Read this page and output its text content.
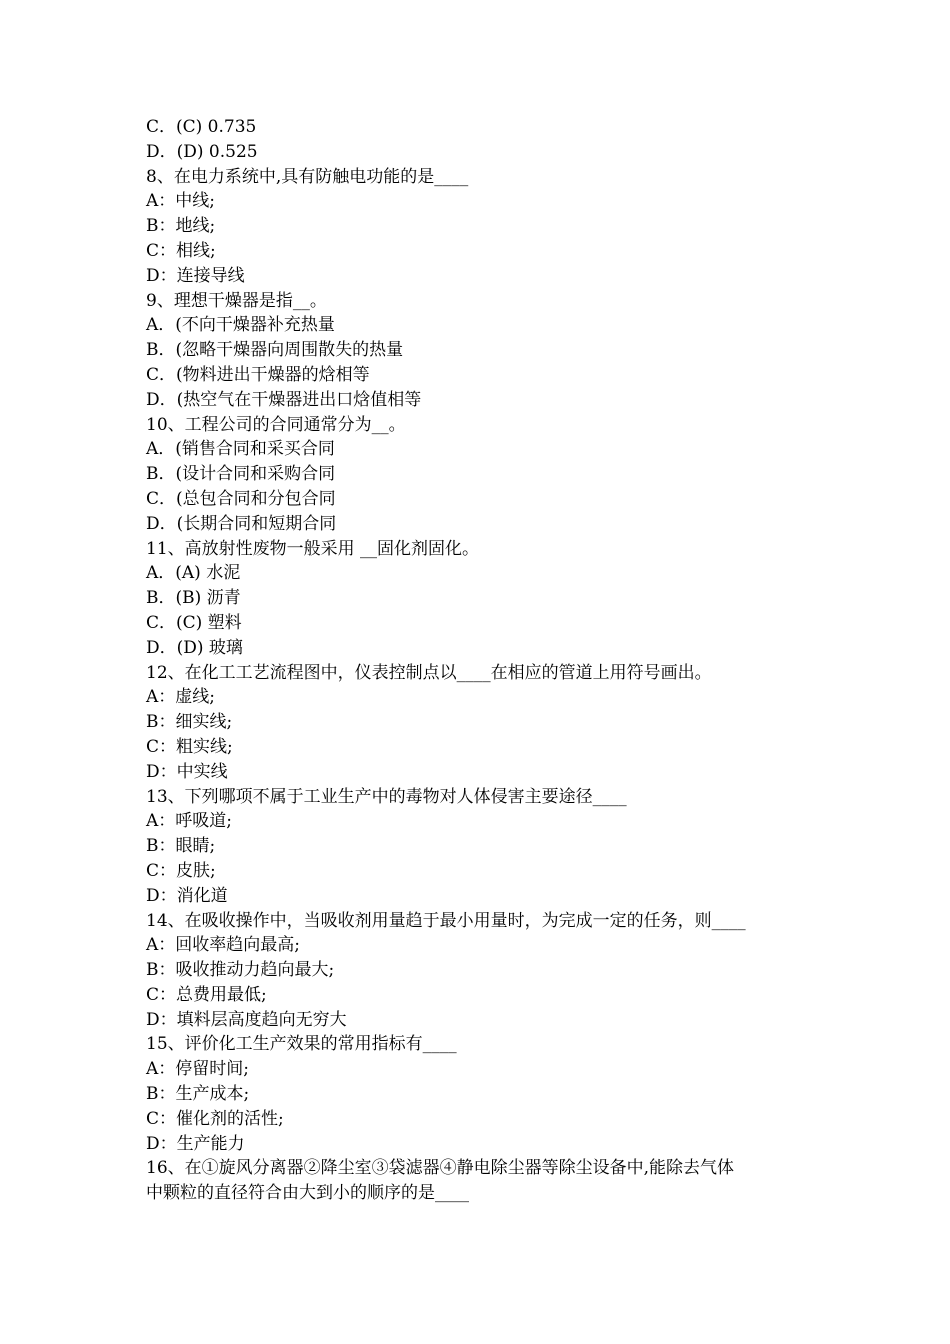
C．(C) 0.735
D．(D) 0.525
8、在电力系统中,具有防触电功能的是____
A：中线;
B：地线;
C：相线;
D：连接导线
9、理想干燥器是指__。
A．(不向干燥器补充热量
B．(忽略干燥器向周围散失的热量
C．(物料进出干燥器的焓相等
D．(热空气在干燥器进出口焓值相等
10、工程公司的合同通常分为__。
A．(销售合同和采买合同
B．(设计合同和采购合同
C．(总包合同和分包合同
D．(长期合同和短期合同
11、高放射性废物一般采用 __固化剂固化。
A．(A) 水泥
B．(B) 沥青
C．(C) 塑料
D．(D) 玻璃
12、在化工工艺流程图中，仪表控制点以____在相应的管道上用符号画出。
A：虚线;
B：细实线;
C：粗实线;
D：中实线
13、下列哪项不属于工业生产中的毒物对人体侵害主要途径____
A：呼吸道;
B：眼睛;
C：皮肤;
D：消化道
14、在吸收操作中，当吸收剂用量趋于最小用量时，为完成一定的任务，则____
A：回收率趋向最高;
B：吸收推动力趋向最大;
C：总费用最低;
D：填料层高度趋向无穷大
15、评价化工生产效果的常用指标有____
A：停留时间;
B：生产成本;
C：催化剂的活性;
D：生产能力
16、在①旋风分离器②降尘室③袋滤器④静电除尘器等除尘设备中,能除去气体
中颗粒的直径符合由大到小的顺序的是____
